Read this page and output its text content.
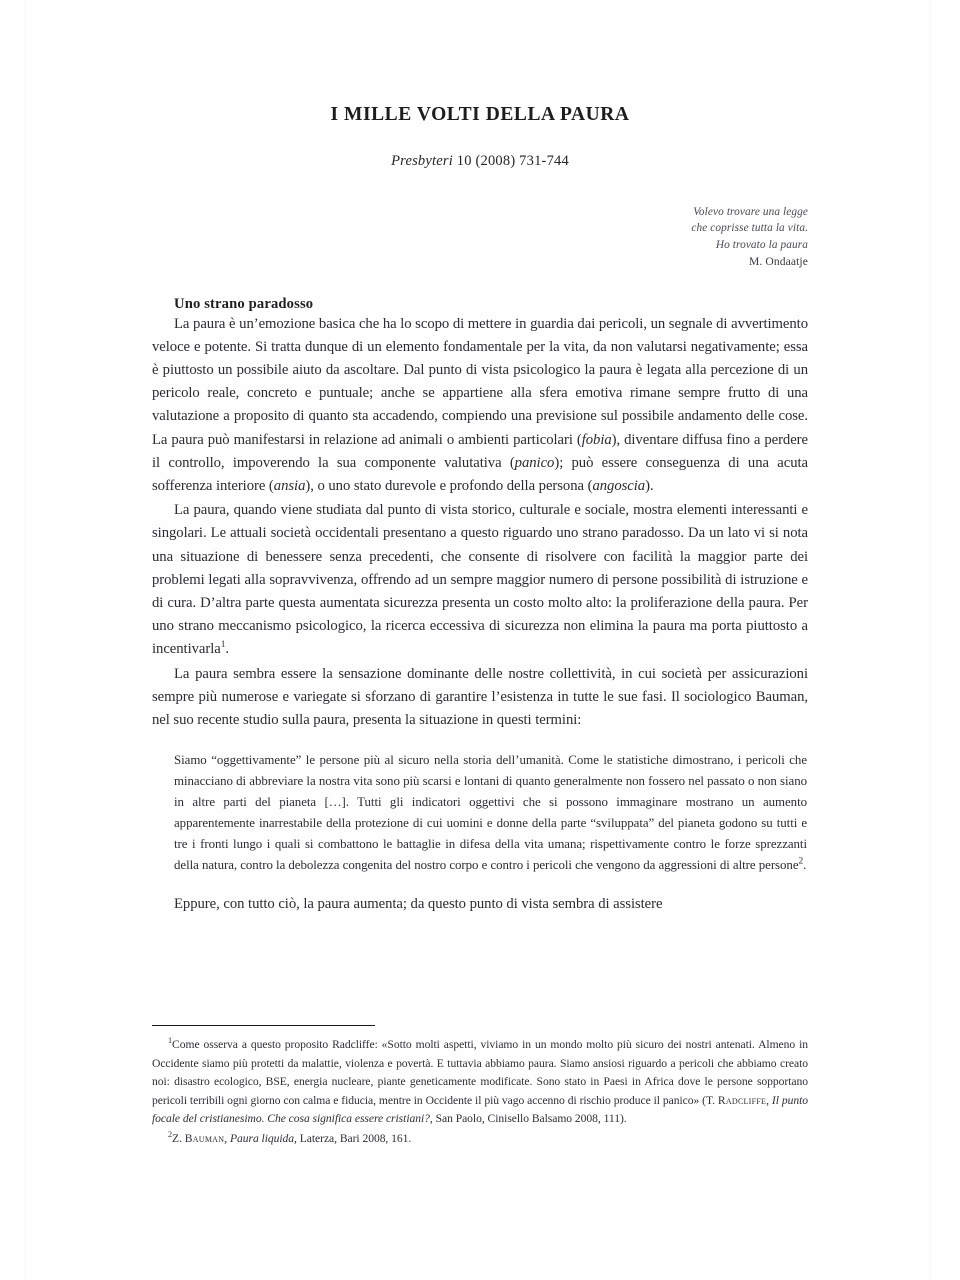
I MILLE VOLTI DELLA PAURA

Presbyteri 10 (2008) 731-744

Volevo trovare una legge
che coprisse tutta la vita.
Ho trovato la paura
M. Ondaatje
Uno strano paradosso

La paura è un’emozione basica che ha lo scopo di mettere in guardia dai pericoli, un segnale di avvertimento veloce e potente. Si tratta dunque di un elemento fondamentale per la vita, da non valutarsi negativamente; essa è piuttosto un possibile aiuto da ascoltare. Dal punto di vista psicologico la paura è legata alla percezione di un pericolo reale, concreto e puntuale; anche se appartiene alla sfera emotiva rimane sempre frutto di una valutazione a proposito di quanto sta accadendo, compiendo una previsione sul possibile andamento delle cose. La paura può manifestarsi in relazione ad animali o ambienti particolari (fobia), diventare diffusa fino a perdere il controllo, impoverendo la sua componente valutativa (panico); può essere conseguenza di una acuta sofferenza interiore (ansia), o uno stato durevole e profondo della persona (angoscia).

La paura, quando viene studiata dal punto di vista storico, culturale e sociale, mostra elementi interessanti e singolari. Le attuali società occidentali presentano a questo riguardo uno strano paradosso. Da un lato vi si nota una situazione di benessere senza precedenti, che consente di risolvere con facilità la maggior parte dei problemi legati alla sopravvivenza, offrendo ad un sempre maggior numero di persone possibilità di istruzione e di cura. D’altra parte questa aumentata sicurezza presenta un costo molto alto: la proliferazione della paura. Per uno strano meccanismo psicologico, la ricerca eccessiva di sicurezza non elimina la paura ma porta piuttosto a incentivarla$^1$.

La paura sembra essere la sensazione dominante delle nostre collettività, in cui società per assicurazioni sempre più numerose e variegate si sforzano di garantire l’esistenza in tutte le sue fasi. Il sociologico Bauman, nel suo recente studio sulla paura, presenta la situazione in questi termini:

Siamo “oggettivamente” le persone più al sicuro nella storia dell’umanità. Come le statistiche dimostrano, i pericoli che minacciano di abbreviare la nostra vita sono più scarsi e lontani di quanto generalmente non fossero nel passato o non siano in altre parti del pianeta […]. Tutti gli indicatori oggettivi che si possono immaginare mostrano un aumento apparentemente inarrestabile della protezione di cui uomini e donne della parte “sviluppata” del pianeta godono su tutti e tre i fronti lungo i quali si combattono le battaglie in difesa della vita umana; rispettivamente contro le forze sprezzanti della natura, contro la debolezza congenita del nostro corpo e contro i pericoli che vengono da aggressioni di altre persone$^2$.

Eppure, con tutto ciò, la paura aumenta; da questo punto di vista sembra di assistere

$^1$Come osserva a questo proposito Radcliffe: «Sotto molti aspetti, viviamo in un mondo molto più sicuro dei nostri antenati. Almeno in Occidente siamo più protetti da malattie, violenza e povertà. E tuttavia abbiamo paura. Siamo ansiosi riguardo a pericoli che abbiamo creato noi: disastro ecologico, BSE, energia nucleare, piante geneticamente modificate. Sono stato in Paesi in Africa dove le persone sopportano pericoli terribili ogni giorno con calma e fiducia, mentre in Occidente il più vago accenno di rischio produce il panico» (T. Radcliffe, Il punto focale del cristianesimo. Che cosa significa essere cristiani?, San Paolo, Cinisello Balsamo 2008, 111).

$^2$Z. Bauman, Paura liquida, Laterza, Bari 2008, 161.
